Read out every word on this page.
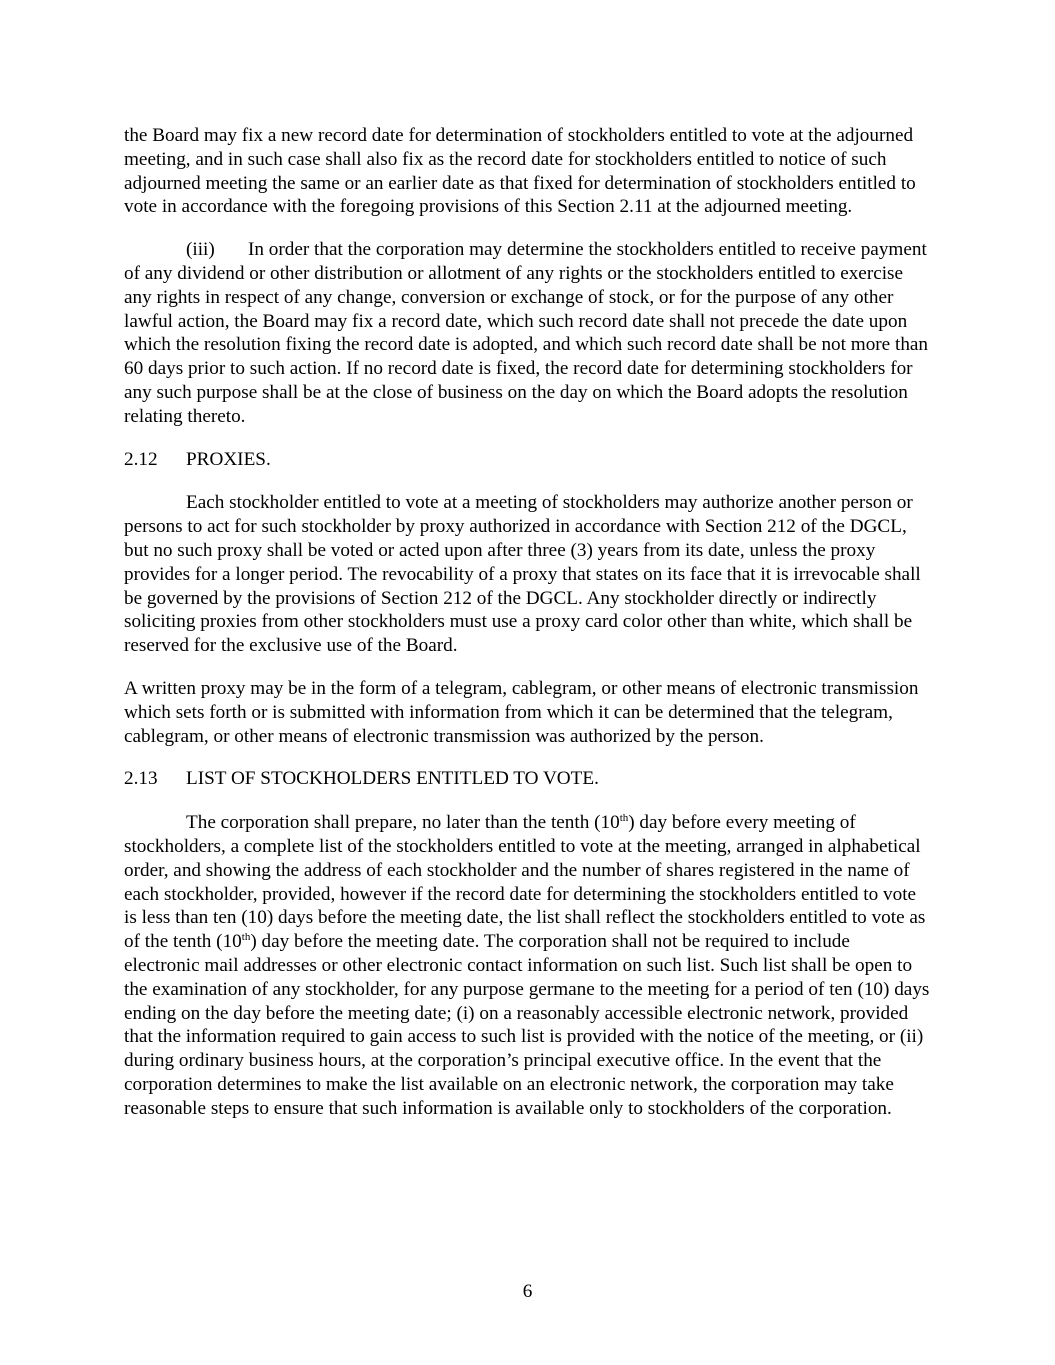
the Board may fix a new record date for determination of stockholders entitled to vote at the adjourned meeting, and in such case shall also fix as the record date for stockholders entitled to notice of such adjourned meeting the same or an earlier date as that fixed for determination of stockholders entitled to vote in accordance with the foregoing provisions of this Section 2.11 at the adjourned meeting.

(iii) In order that the corporation may determine the stockholders entitled to receive payment of any dividend or other distribution or allotment of any rights or the stockholders entitled to exercise any rights in respect of any change, conversion or exchange of stock, or for the purpose of any other lawful action, the Board may fix a record date, which such record date shall not precede the date upon which the resolution fixing the record date is adopted, and which such record date shall be not more than 60 days prior to such action. If no record date is fixed, the record date for determining stockholders for any such purpose shall be at the close of business on the day on which the Board adopts the resolution relating thereto.

2.12 PROXIES.

Each stockholder entitled to vote at a meeting of stockholders may authorize another person or persons to act for such stockholder by proxy authorized in accordance with Section 212 of the DGCL, but no such proxy shall be voted or acted upon after three (3) years from its date, unless the proxy provides for a longer period. The revocability of a proxy that states on its face that it is irrevocable shall be governed by the provisions of Section 212 of the DGCL. Any stockholder directly or indirectly soliciting proxies from other stockholders must use a proxy card color other than white, which shall be reserved for the exclusive use of the Board.

A written proxy may be in the form of a telegram, cablegram, or other means of electronic transmission which sets forth or is submitted with information from which it can be determined that the telegram, cablegram, or other means of electronic transmission was authorized by the person.

2.13 LIST OF STOCKHOLDERS ENTITLED TO VOTE.

The corporation shall prepare, no later than the tenth (10th) day before every meeting of stockholders, a complete list of the stockholders entitled to vote at the meeting, arranged in alphabetical order, and showing the address of each stockholder and the number of shares registered in the name of each stockholder, provided, however if the record date for determining the stockholders entitled to vote is less than ten (10) days before the meeting date, the list shall reflect the stockholders entitled to vote as of the tenth (10th) day before the meeting date. The corporation shall not be required to include electronic mail addresses or other electronic contact information on such list. Such list shall be open to the examination of any stockholder, for any purpose germane to the meeting for a period of ten (10) days ending on the day before the meeting date; (i) on a reasonably accessible electronic network, provided that the information required to gain access to such list is provided with the notice of the meeting, or (ii) during ordinary business hours, at the corporation’s principal executive office. In the event that the corporation determines to make the list available on an electronic network, the corporation may take reasonable steps to ensure that such information is available only to stockholders of the corporation.

6
